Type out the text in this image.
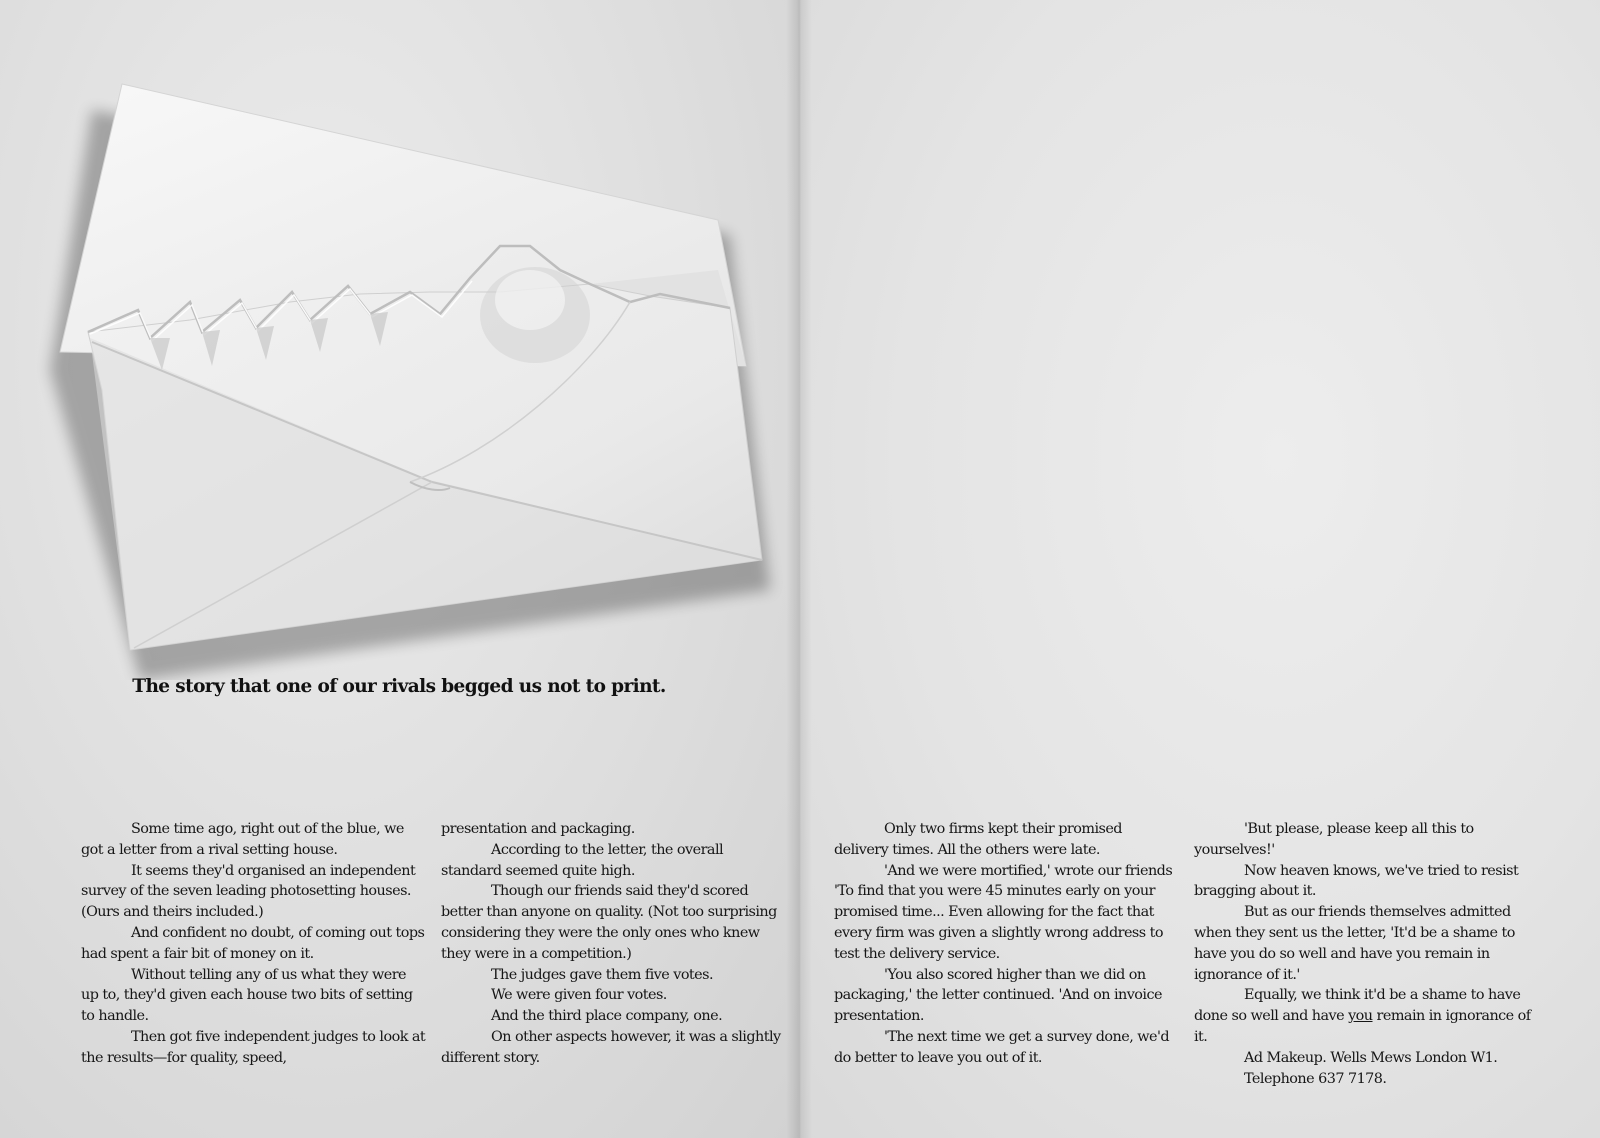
The story that one of our rivals begged us not to print.

Some time ago, right out of the blue, we got a letter from a rival setting house.

It seems they'd organised an independent survey of the seven leading photosetting houses. (Ours and theirs included.)

And confident no doubt, of coming out tops had spent a fair bit of money on it.

Without telling any of us what they were up to, they'd given each house two bits of setting to handle.

Then got five independent judges to look at the results—for quality, speed,

presentation and packaging.

According to the letter, the overall standard seemed quite high.

Though our friends said they'd scored better than anyone on quality. (Not too surprising considering they were the only ones who knew they were in a competition.)

The judges gave them five votes.

We were given four votes.

And the third place company, one.

On other aspects however, it was a slightly different story.

Only two firms kept their promised delivery times. All the others were late.

'And we were mortified,' wrote our friends 'To find that you were 45 minutes early on your promised time... Even allowing for the fact that every firm was given a slightly wrong address to test the delivery service.

'You also scored higher than we did on packaging,' the letter continued. 'And on invoice presentation.

'The next time we get a survey done, we'd do better to leave you out of it.

'But please, please keep all this to yourselves!'

Now heaven knows, we've tried to resist bragging about it.

But as our friends themselves admitted when they sent us the letter, 'It'd be a shame to have you do so well and have you remain in ignorance of it.'

Equally, we think it'd be a shame to have done so well and have you remain in ignorance of it.

Ad Makeup. Wells Mews London W1.

Telephone 637 7178.
